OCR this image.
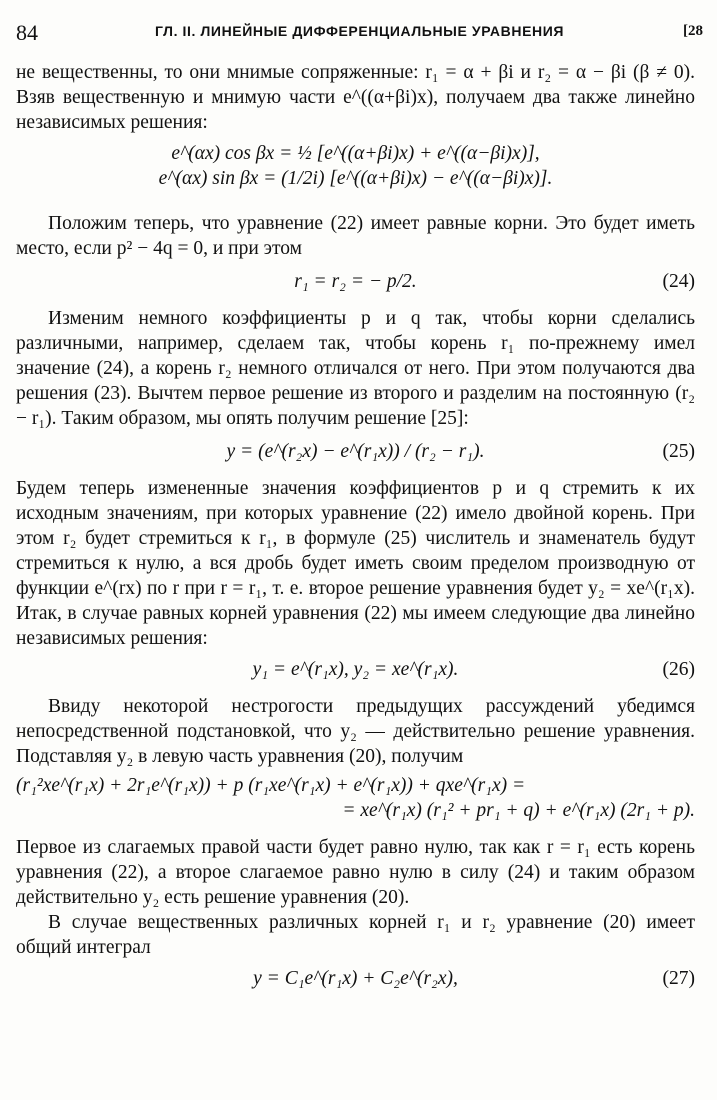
84	ГЛ. II. ЛИНЕЙНЫЕ ДИФФЕРЕНЦИАЛЬНЫЕ УРАВНЕНИЯ	[28

не вещественны, то они мнимые сопряженные: r₁ = α + βi и r₂ = α − βi (β ≠ 0). Взяв вещественную и мнимую части e^((α+βi)x), получаем два также линейно независимых решения:

e^(αx) cos βx = ½ [e^((α+βi)x) + e^((α−βi)x)],
e^(αx) sin βx = (1/2i) [e^((α+βi)x) − e^((α−βi)x)].

Положим теперь, что уравнение (22) имеет равные корни. Это будет иметь место, если p² − 4q = 0, и при этом

r₁ = r₂ = − p/2.	(24)

Изменим немного коэффициенты p и q так, чтобы корни сделались различными, например, сделаем так, чтобы корень r₁ по-прежнему имел значение (24), а корень r₂ немного отличался от него. При этом получаются два решения (23). Вычтем первое решение из второго и разделим на постоянную (r₂ − r₁). Таким образом, мы опять получим решение [25]:

y = (e^(r₂x) − e^(r₁x)) / (r₂ − r₁).	(25)

Будем теперь измененные значения коэффициентов p и q стремить к их исходным значениям, при которых уравнение (22) имело двойной корень. При этом r₂ будет стремиться к r₁, в формуле (25) числитель и знаменатель будут стремиться к нулю, а вся дробь будет иметь своим пределом производную от функции e^(rx) по r при r = r₁, т. е. второе решение уравнения будет y₂ = xe^(r₁x). Итак, в случае равных корней уравнения (22) мы имеем следующие два линейно независимых решения:

y₁ = e^(r₁x), y₂ = xe^(r₁x).	(26)

Ввиду некоторой нестрогости предыдущих рассуждений убедимся непосредственной подстановкой, что y₂ — действительно решение уравнения. Подставляя y₂ в левую часть уравнения (20), получим

(r₁²xe^(r₁x) + 2r₁e^(r₁x)) + p (r₁xe^(r₁x) + e^(r₁x)) + qxe^(r₁x) =
= xe^(r₁x) (r₁² + pr₁ + q) + e^(r₁x) (2r₁ + p).

Первое из слагаемых правой части будет равно нулю, так как r = r₁ есть корень уравнения (22), а второе слагаемое равно нулю в силу (24) и таким образом действительно y₂ есть решение уравнения (20).

В случае вещественных различных корней r₁ и r₂ уравнение (20) имеет общий интеграл

y = C₁e^(r₁x) + C₂e^(r₂x),	(27)
